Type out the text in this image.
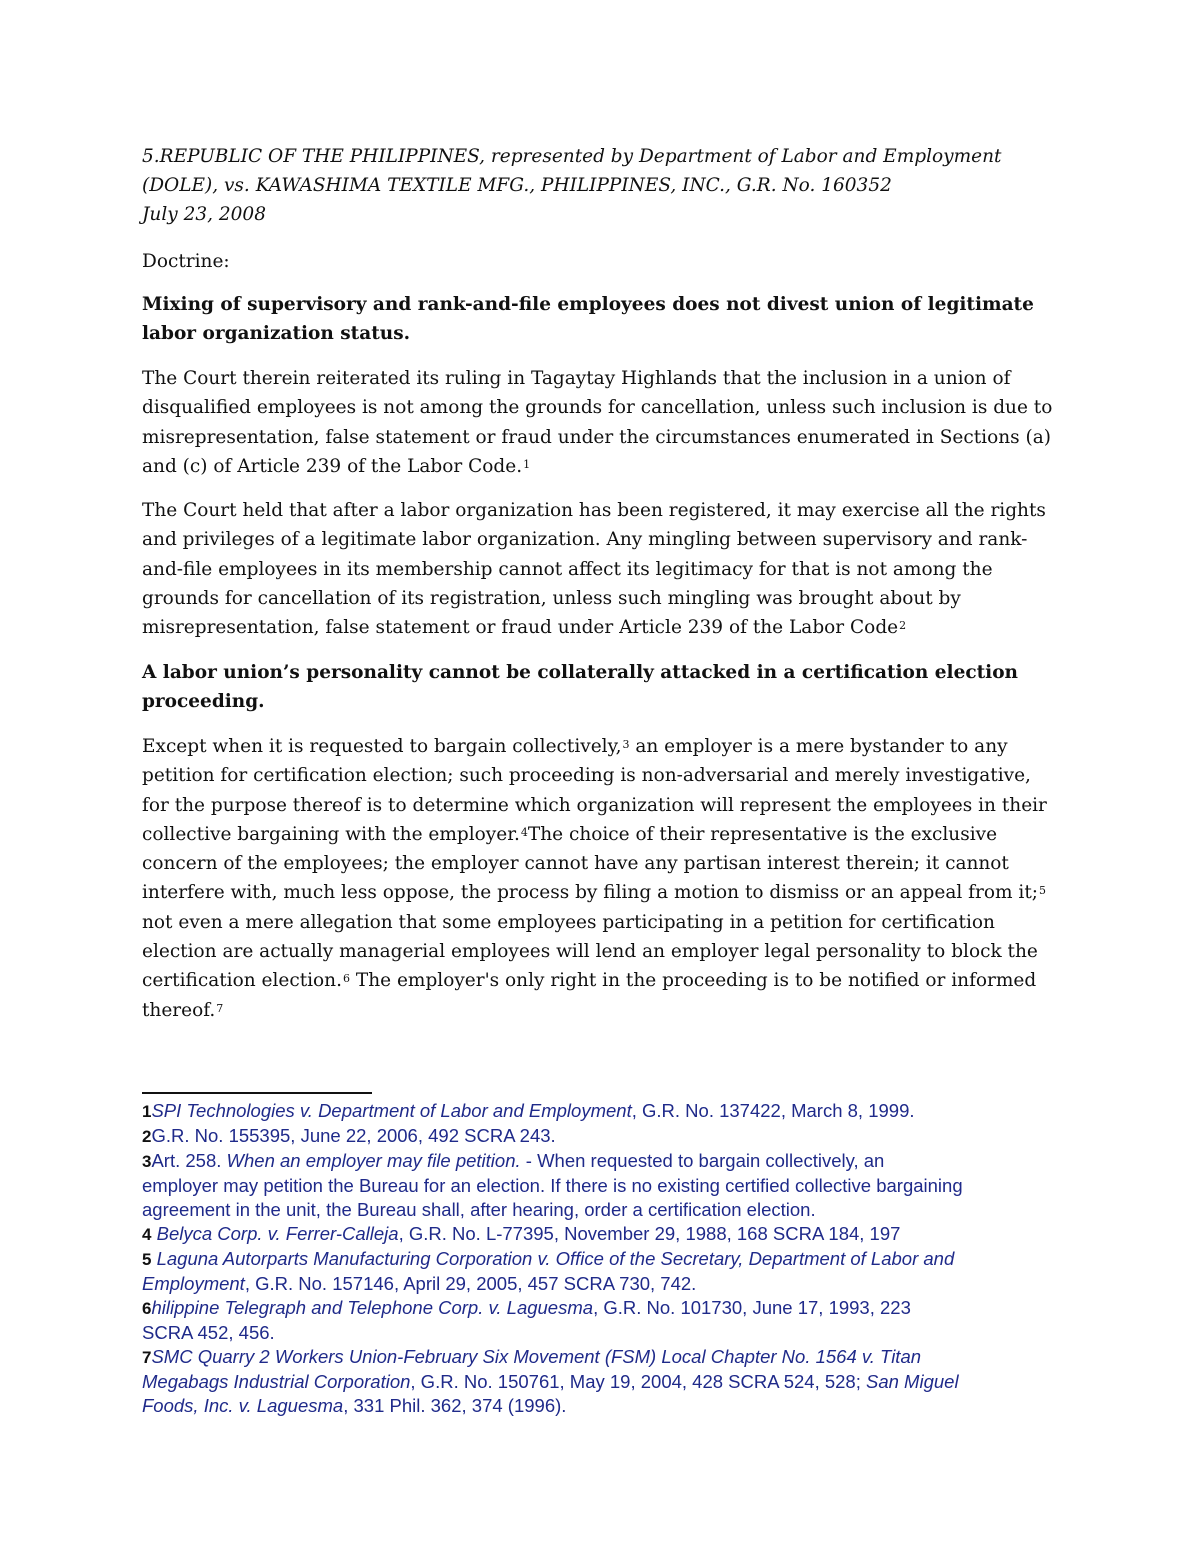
5.REPUBLIC OF THE PHILIPPINES, represented by Department of Labor and Employment
(DOLE), vs. KAWASHIMA TEXTILE MFG., PHILIPPINES, INC., G.R. No. 160352
July 23, 2008
Doctrine:
Mixing of supervisory and rank-and-file employees does not divest union of legitimate
labor organization status.
The Court therein reiterated its ruling in Tagaytay Highlands that the inclusion in a union of
disqualified employees is not among the grounds for cancellation, unless such inclusion is due to
misrepresentation, false statement or fraud under the circumstances enumerated in Sections (a)
and (c) of Article 239 of the Labor Code.$^1$
The Court held that after a labor organization has been registered, it may exercise all the rights
and privileges of a legitimate labor organization. Any mingling between supervisory and rank-
and-file employees in its membership cannot affect its legitimacy for that is not among the
grounds for cancellation of its registration, unless such mingling was brought about by
misrepresentation, false statement or fraud under Article 239 of the Labor Code$^2$
A labor union’s personality cannot be collaterally attacked in a certification election
proceeding.
Except when it is requested to bargain collectively,$^3$ an employer is a mere bystander to any
petition for certification election; such proceeding is non-adversarial and merely investigative,
for the purpose thereof is to determine which organization will represent the employees in their
collective bargaining with the employer.$^4$The choice of their representative is the exclusive
concern of the employees; the employer cannot have any partisan interest therein; it cannot
interfere with, much less oppose, the process by filing a motion to dismiss or an appeal from it;$^5$
not even a mere allegation that some employees participating in a petition for certification
election are actually managerial employees will lend an employer legal personality to block the
certification election.$^6$ The employer's only right in the proceeding is to be notified or informed
thereof.$^7$
1SPI Technologies v. Department of Labor and Employment, G.R. No. 137422, March 8, 1999.
2G.R. No. 155395, June 22, 2006, 492 SCRA 243.
3Art. 258. When an employer may file petition. - When requested to bargain collectively, an
employer may petition the Bureau for an election. If there is no existing certified collective bargaining
agreement in the unit, the Bureau shall, after hearing, order a certification election.
4 Belyca Corp. v. Ferrer-Calleja, G.R. No. L-77395, November 29, 1988, 168 SCRA 184, 197
5 Laguna Autorparts Manufacturing Corporation v. Office of the Secretary, Department of Labor and
Employment, G.R. No. 157146, April 29, 2005, 457 SCRA 730, 742.
6hilippine Telegraph and Telephone Corp. v. Laguesma, G.R. No. 101730, June 17, 1993, 223
SCRA 452, 456.
7SMC Quarry 2 Workers Union-February Six Movement (FSM) Local Chapter No. 1564 v. Titan
Megabags Industrial Corporation, G.R. No. 150761, May 19, 2004, 428 SCRA 524, 528; San Miguel
Foods, Inc. v. Laguesma, 331 Phil. 362, 374 (1996).
